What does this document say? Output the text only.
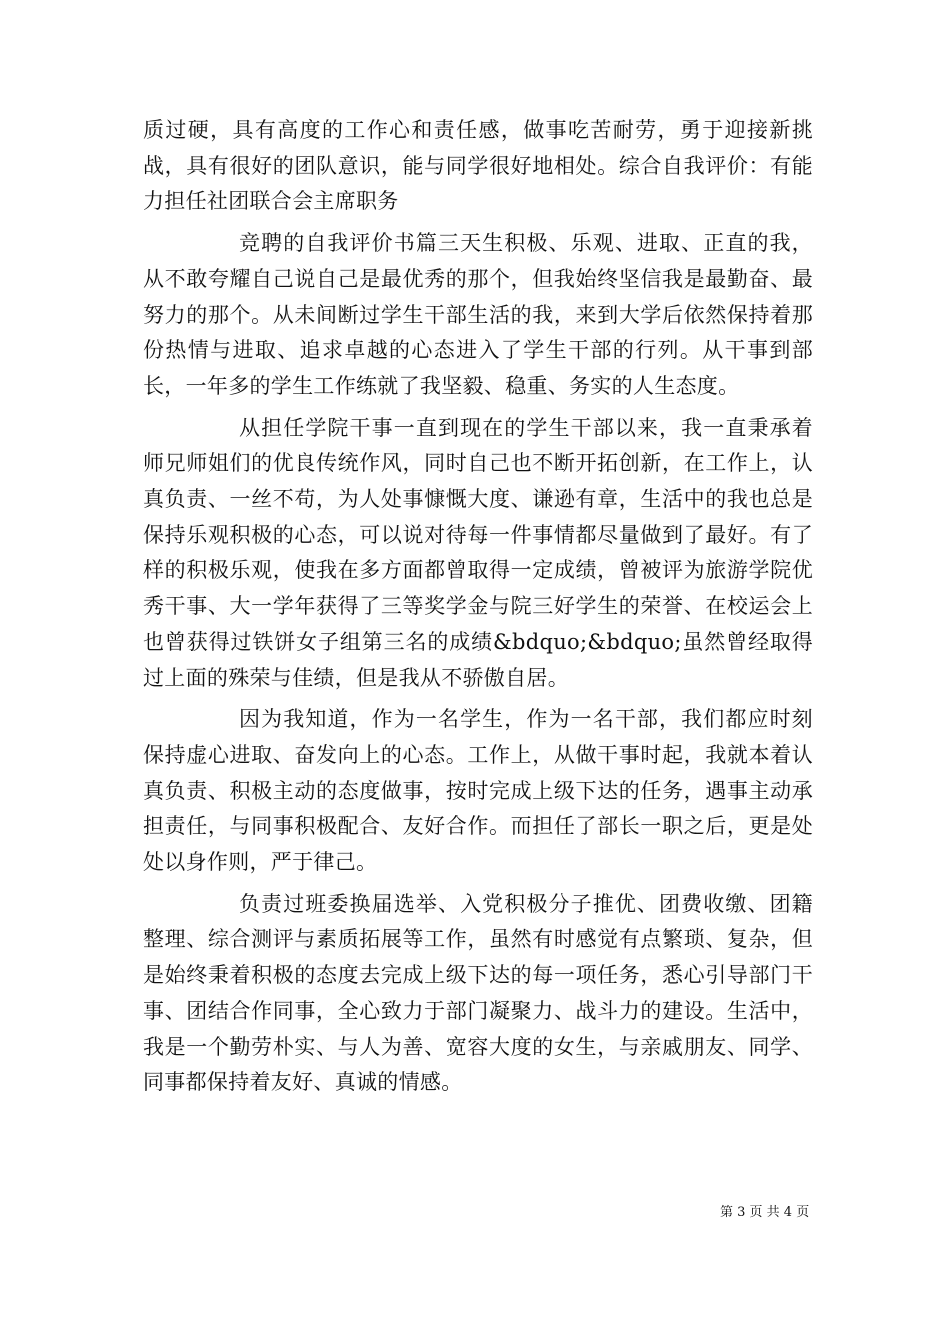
质过硬，具有高度的工作心和责任感，做事吃苦耐劳，勇于迎接新挑战，具有很好的团队意识，能与同学很好地相处。综合自我评价：有能力担任社团联合会主席职务

竞聘的自我评价书篇三天生积极、乐观、进取、正直的我，从不敢夸耀自己说自己是最优秀的那个，但我始终坚信我是最勤奋、最努力的那个。从未间断过学生干部生活的我，来到大学后依然保持着那份热情与进取、追求卓越的心态进入了学生干部的行列。从干事到部长，一年多的学生工作练就了我坚毅、稳重、务实的人生态度。

从担任学院干事一直到现在的学生干部以来，我一直秉承着师兄师姐们的优良传统作风，同时自己也不断开拓创新，在工作上，认真负责、一丝不苟，为人处事慷慨大度、谦逊有章，生活中的我也总是保持乐观积极的心态，可以说对待每一件事情都尽量做到了最好。有了样的积极乐观，使我在多方面都曾取得一定成绩，曾被评为旅游学院优秀干事、大一学年获得了三等奖学金与院三好学生的荣誉、在校运会上也曾获得过铁饼女子组第三名的成绩&bdquo;&bdquo;虽然曾经取得过上面的殊荣与佳绩，但是我从不骄傲自居。

因为我知道，作为一名学生，作为一名干部，我们都应时刻保持虚心进取、奋发向上的心态。工作上，从做干事时起，我就本着认真负责、积极主动的态度做事，按时完成上级下达的任务，遇事主动承担责任，与同事积极配合、友好合作。而担任了部长一职之后，更是处处以身作则，严于律己。

负责过班委换届选举、入党积极分子推优、团费收缴、团籍整理、综合测评与素质拓展等工作，虽然有时感觉有点繁琐、复杂，但是始终秉着积极的态度去完成上级下达的每一项任务，悉心引导部门干事、团结合作同事，全心致力于部门凝聚力、战斗力的建设。生活中，我是一个勤劳朴实、与人为善、宽容大度的女生，与亲戚朋友、同学、同事都保持着友好、真诚的情感。

第 3 页 共 4 页
